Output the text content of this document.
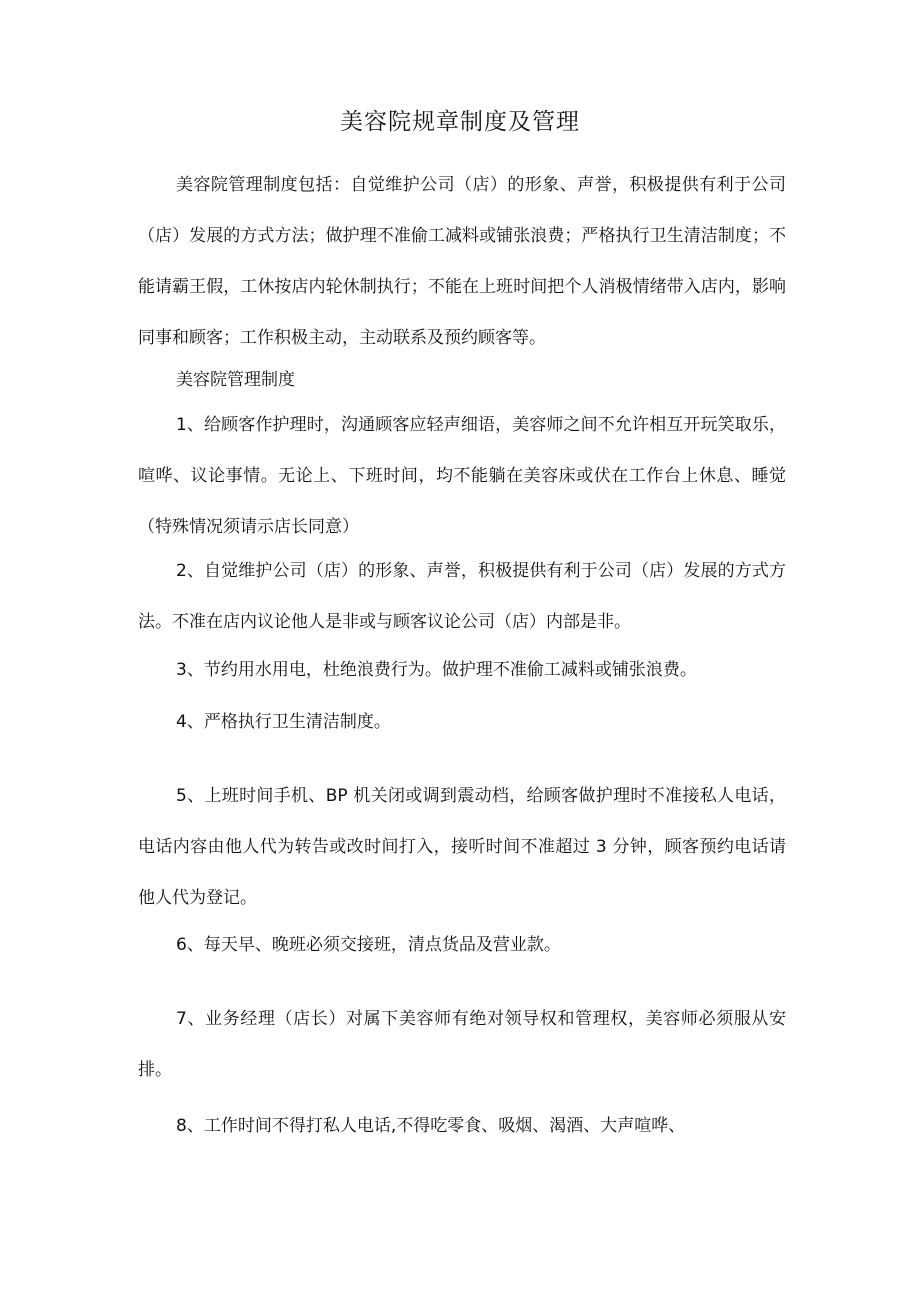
美容院规章制度及管理
美容院管理制度包括：自觉维护公司（店）的形象、声誉，积极提供有利于公司（店）发展的方式方法；做护理不准偷工减料或铺张浪费；严格执行卫生清洁制度；不能请霸王假，工休按店内轮休制执行；不能在上班时间把个人消极情绪带入店内，影响同事和顾客；工作积极主动，主动联系及预约顾客等。
美容院管理制度
1、给顾客作护理时，沟通顾客应轻声细语，美容师之间不允许相互开玩笑取乐，喧哗、议论事情。无论上、下班时间，均不能躺在美容床或伏在工作台上休息、睡觉（特殊情况须请示店长同意）
2、自觉维护公司（店）的形象、声誉，积极提供有利于公司（店）发展的方式方法。不准在店内议论他人是非或与顾客议论公司（店）内部是非。
3、节约用水用电，杜绝浪费行为。做护理不准偷工减料或铺张浪费。
4、严格执行卫生清洁制度。
5、上班时间手机、BP 机关闭或调到震动档，给顾客做护理时不准接私人电话，电话内容由他人代为转告或改时间打入，接听时间不准超过 3 分钟，顾客预约电话请他人代为登记。
6、每天早、晚班必须交接班，清点货品及营业款。
7、业务经理（店长）对属下美容师有绝对领导权和管理权，美容师必须服从安排。
8、工作时间不得打私人电话,不得吃零食、吸烟、渴酒、大声喧哗、
